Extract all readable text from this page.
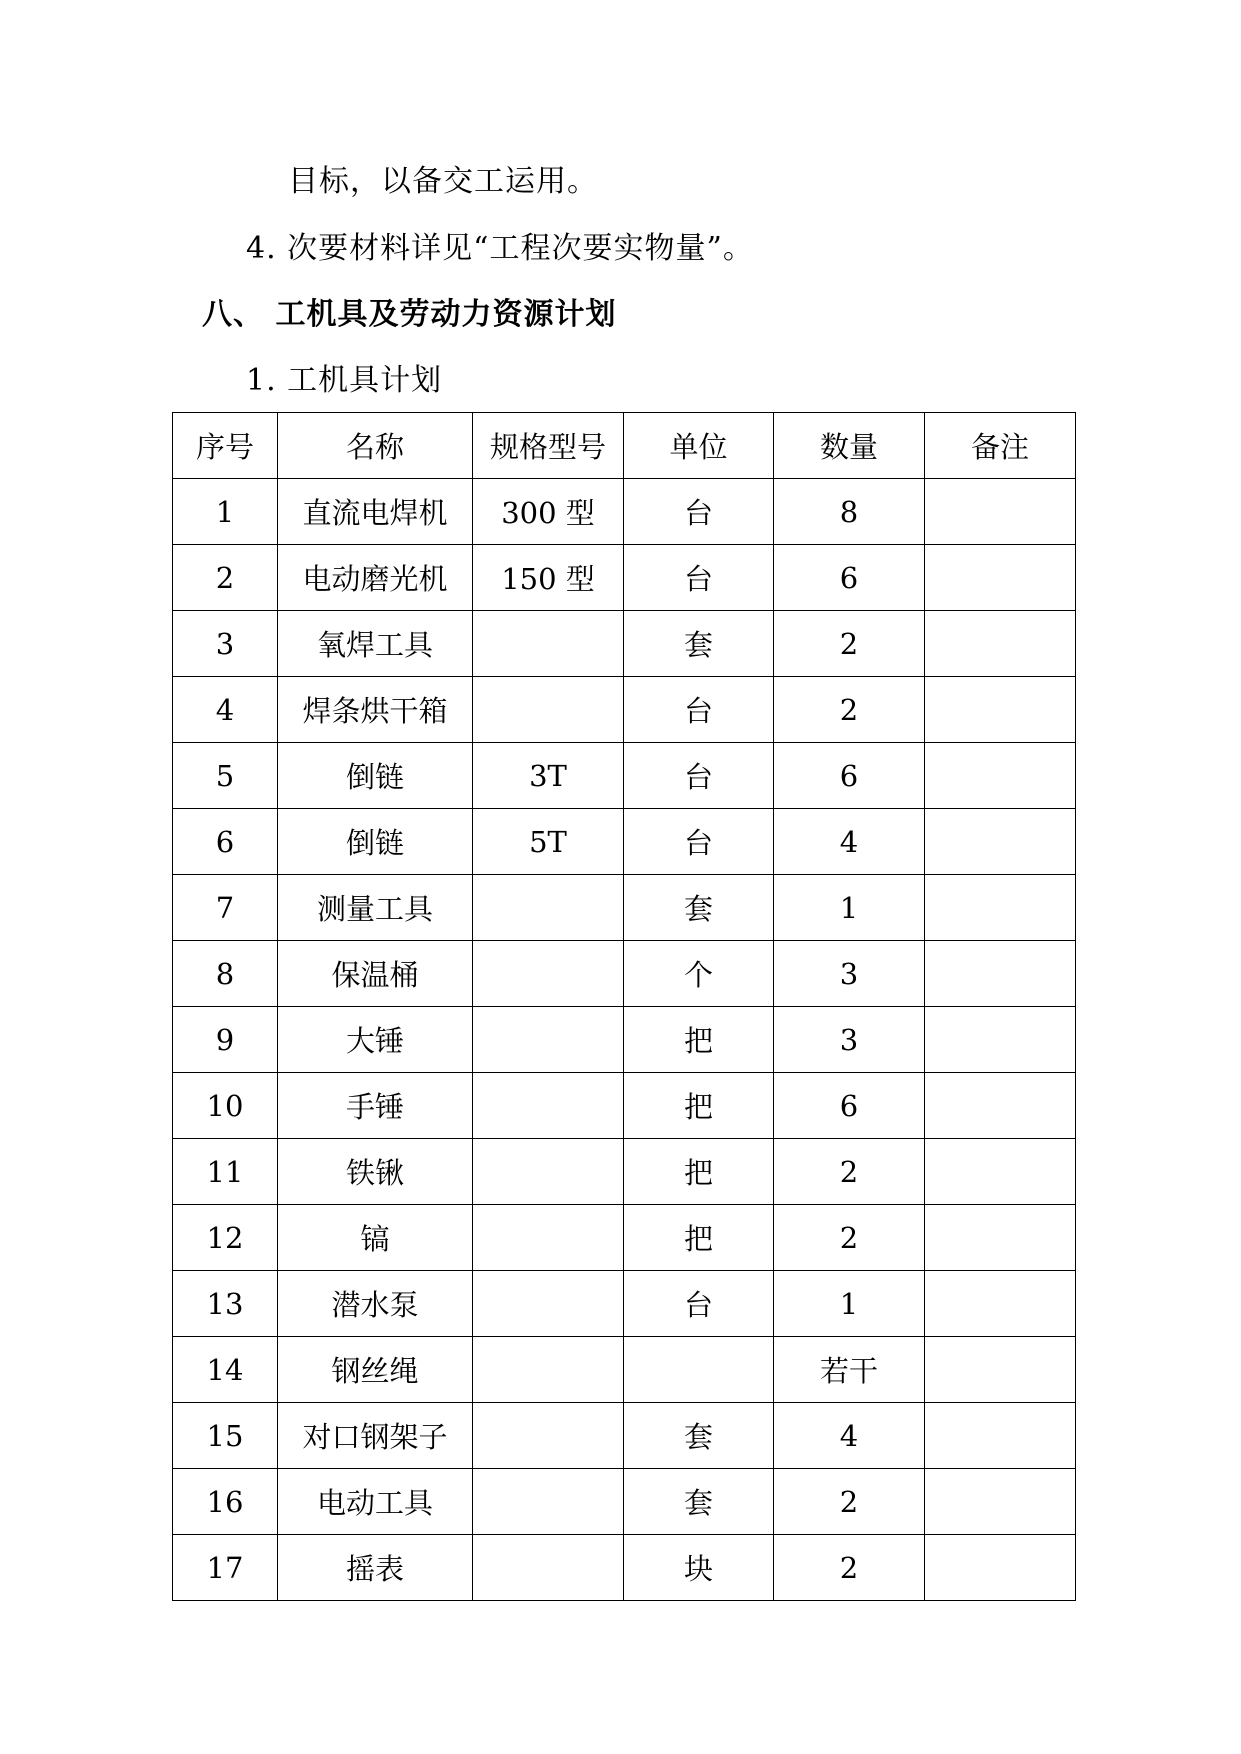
目标，以备交工运用。
4. 次要材料详见“工程次要实物量”。
八、 工机具及劳动力资源计划
1. 工机具计划
序号	名称	规格型号	单位	数量	备注
1	直流电焊机	300 型	台	8	
2	电动磨光机	150 型	台	6	
3	氧焊工具		套	2	
4	焊条烘干箱		台	2	
5	倒链	3T	台	6	
6	倒链	5T	台	4	
7	测量工具		套	1	
8	保温桶		个	3	
9	大锤		把	3	
10	手锤		把	6	
11	铁锹		把	2	
12	镐		把	2	
13	潜水泵		台	1	
14	钢丝绳			若干	
15	对口钢架子		套	4	
16	电动工具		套	2	
17	摇表		块	2	
